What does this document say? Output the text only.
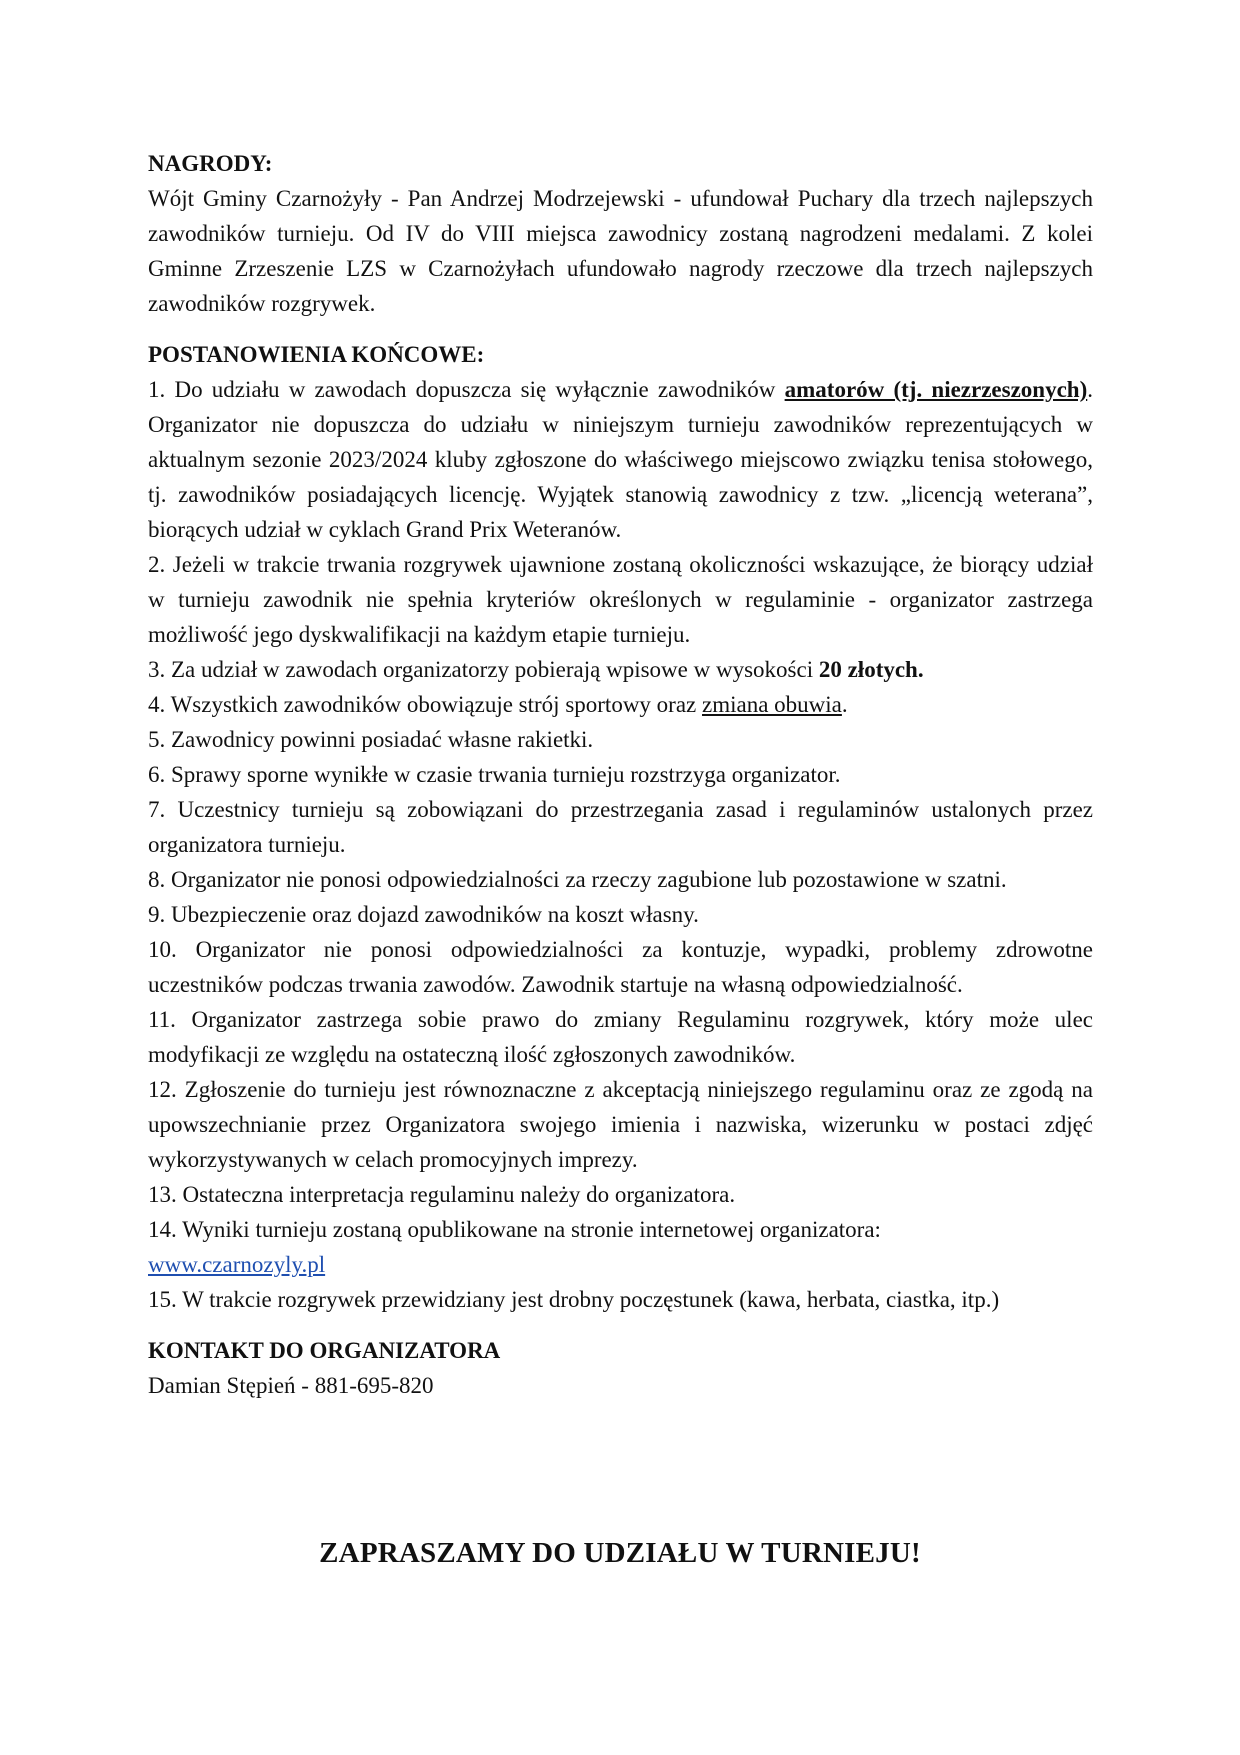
NAGRODY:

Wójt Gminy Czarnożyły - Pan Andrzej Modrzejewski - ufundował Puchary dla trzech najlepszych zawodników turnieju. Od IV do VIII miejsca zawodnicy zostaną nagrodzeni medalami. Z kolei Gminne Zrzeszenie LZS w Czarnożyłach ufundowało nagrody rzeczowe dla trzech najlepszych zawodników rozgrywek.

POSTANOWIENIA KOŃCOWE:

1. Do udziału w zawodach dopuszcza się wyłącznie zawodników amatorów (tj. niezrzeszonych). Organizator nie dopuszcza do udziału w niniejszym turnieju zawodników reprezentujących w aktualnym sezonie 2023/2024 kluby zgłoszone do właściwego miejscowo związku tenisa stołowego, tj. zawodników posiadających licencję. Wyjątek stanowią zawodnicy z tzw. „licencją weterana”, biorących udział w cyklach Grand Prix Weteranów.

2. Jeżeli w trakcie trwania rozgrywek ujawnione zostaną okoliczności wskazujące, że biorący udział w turnieju zawodnik nie spełnia kryteriów określonych w regulaminie - organizator zastrzega możliwość jego dyskwalifikacji na każdym etapie turnieju.

3. Za udział w zawodach organizatorzy pobierają wpisowe w wysokości 20 złotych.

4. Wszystkich zawodników obowiązuje strój sportowy oraz zmiana obuwia.

5. Zawodnicy powinni posiadać własne rakietki.

6. Sprawy sporne wynikłe w czasie trwania turnieju rozstrzyga organizator.

7. Uczestnicy turnieju są zobowiązani do przestrzegania zasad i regulaminów ustalonych przez organizatora turnieju.

8. Organizator nie ponosi odpowiedzialności za rzeczy zagubione lub pozostawione w szatni.

9. Ubezpieczenie oraz dojazd zawodników na koszt własny.

10. Organizator nie ponosi odpowiedzialności za kontuzje, wypadki, problemy zdrowotne uczestników podczas trwania zawodów. Zawodnik startuje na własną odpowiedzialność.

11. Organizator zastrzega sobie prawo do zmiany Regulaminu rozgrywek, który może ulec modyfikacji ze względu na ostateczną ilość zgłoszonych zawodników.

12. Zgłoszenie do turnieju jest równoznaczne z akceptacją niniejszego regulaminu oraz ze zgodą na upowszechnianie przez Organizatora swojego imienia i nazwiska, wizerunku w postaci zdjęć wykorzystywanych w celach promocyjnych imprezy.

13. Ostateczna interpretacja regulaminu należy do organizatora.

14. Wyniki turnieju zostaną opublikowane na stronie internetowej organizatora:
www.czarnozyly.pl

15. W trakcie rozgrywek przewidziany jest drobny poczęstunek (kawa, herbata, ciastka, itp.)

KONTAKT DO ORGANIZATORA

Damian Stępień - 881-695-820

ZAPRASZAMY DO UDZIAŁU W TURNIEJU!
